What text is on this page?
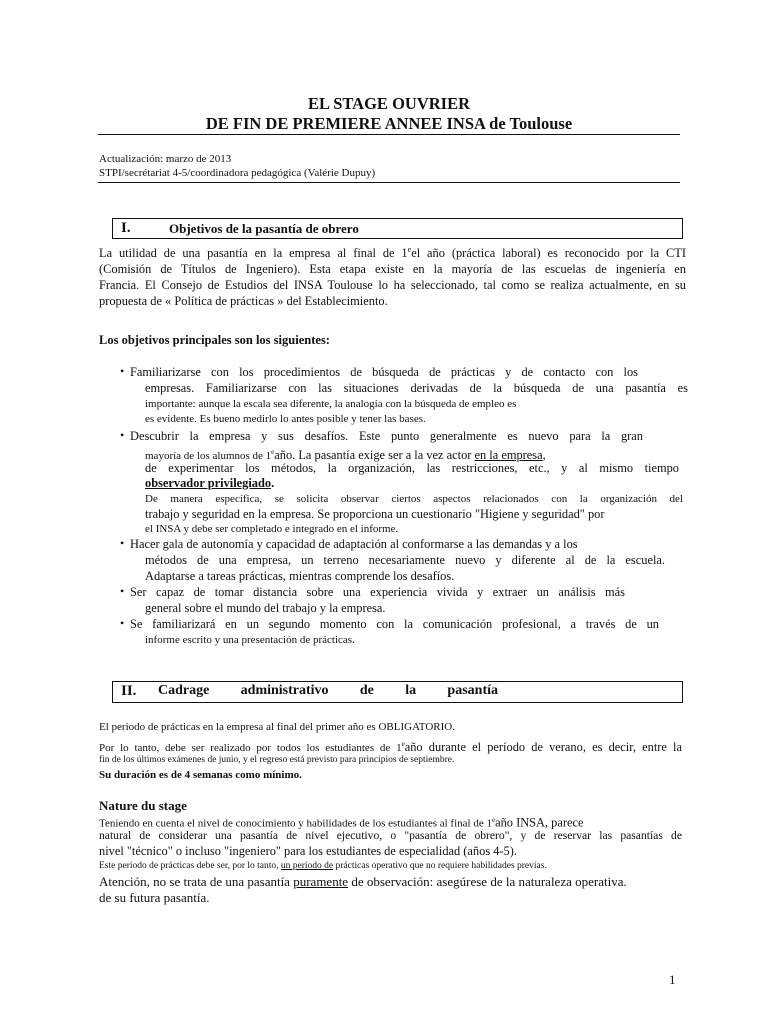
EL STAGE OUVRIER
DE FIN DE PREMIERE ANNEE INSA de Toulouse
Actualización: marzo de 2013
STPI/secrétariat 4-5/coordinadora pedagógica (Valérie Dupuy)
I.	Objetivos de la pasantía de obrero
La utilidad de una pasantía en la empresa al final de 1eel año (práctica laboral) es reconocido por la CTI
(Comisión de Títulos de Ingeniero). Esta etapa existe en la mayoría de las escuelas de ingeniería en
Francia. El Consejo de Estudios del INSA Toulouse lo ha seleccionado, tal como se realiza actualmente, en su
propuesta de « Política de prácticas » del Establecimiento.
Los objetivos principales son los siguientes:
• Familiarizarse con los procedimientos de búsqueda de prácticas y de contacto con los
empresas. Familiarizarse con las situaciones derivadas de la búsqueda de una pasantía es
importante: aunque la escala sea diferente, la analogía con la búsqueda de empleo es
es evidente. Es bueno medirlo lo antes posible y tener las bases.
• Descubrir la empresa y sus desafíos. Este punto generalmente es nuevo para la gran
mayoría de los alumnos de 1eaño. La pasantía exige ser a la vez actor en la empresa,
de experimentar los métodos, la organización, las restricciones, etc., y al mismo tiempo
observador privilegiado.
De manera específica, se solicita observar ciertos aspectos relacionados con la organización del
trabajo y seguridad en la empresa. Se proporciona un cuestionario "Higiene y seguridad" por
el INSA y debe ser completado e integrado en el informe.
• Hacer gala de autonomía y capacidad de adaptación al conformarse a las demandas y a los
métodos de una empresa, un terreno necesariamente nuevo y diferente al de la escuela.
Adaptarse a tareas prácticas, mientras comprende los desafíos.
• Ser capaz de tomar distancia sobre una experiencia vivida y extraer un análisis más
general sobre el mundo del trabajo y la empresa.
• Se familiarizará en un segundo momento con la comunicación profesional, a través de un
informe escrito y una presentación de prácticas.
II. Cadrage administrativo de la pasantía
El periodo de prácticas en la empresa al final del primer año es OBLIGATORIO.
Por lo tanto, debe ser realizado por todos los estudiantes de 1eaño durante el período de verano, es decir, entre la
fin de los últimos exámenes de junio, y el regreso está previsto para principios de septiembre.
Su duración es de 4 semanas como mínimo.
Nature du stage
Teniendo en cuenta el nivel de conocimiento y habilidades de los estudiantes al final de 1eaño INSA, parece
natural de considerar una pasantía de nivel ejecutivo, o "pasantía de obrero", y de reservar las pasantías de
nivel "técnico" o incluso "ingeniero" para los estudiantes de especialidad (años 4-5).
Este período de prácticas debe ser, por lo tanto, un período de prácticas operativo que no requiere habilidades previas.
Atención, no se trata de una pasantía puramente de observación: asegúrese de la naturaleza operativa.
de su futura pasantía.
1
